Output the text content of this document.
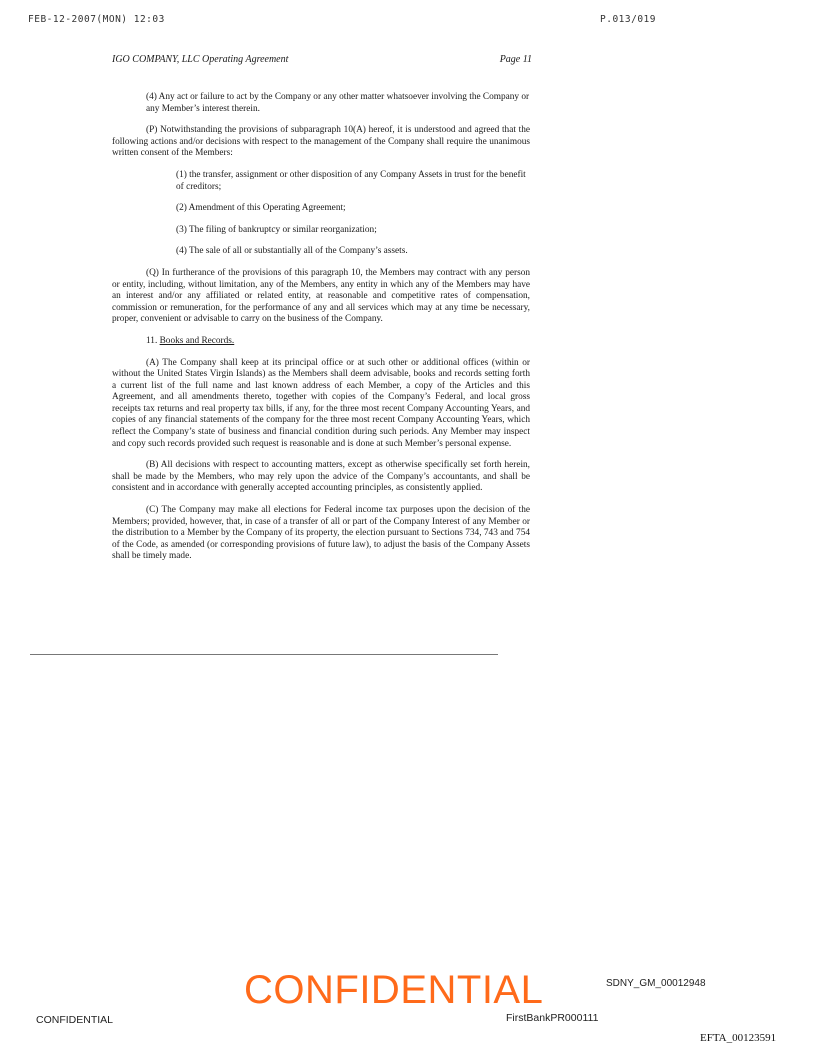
FEB-12-2007(MON) 12:03	P.013/019
IGO COMPANY, LLC Operating Agreement	Page 11

(4) Any act or failure to act by the Company or any other matter whatsoever involving the Company or any Member’s interest therein.

(P) Notwithstanding the provisions of subparagraph 10(A) hereof, it is understood and agreed that the following actions and/or decisions with respect to the management of the Company shall require the unanimous written consent of the Members:

(1) the transfer, assignment or other disposition of any Company Assets in trust for the benefit of creditors;

(2) Amendment of this Operating Agreement;

(3) The filing of bankruptcy or similar reorganization;

(4) The sale of all or substantially all of the Company’s assets.

(Q) In furtherance of the provisions of this paragraph 10, the Members may contract with any person or entity, including, without limitation, any of the Members, any entity in which any of the Members may have an interest and/or any affiliated or related entity, at reasonable and competitive rates of compensation, commission or remuneration, for the performance of any and all services which may at any time be necessary, proper, convenient or advisable to carry on the business of the Company.

11. Books and Records.

(A) The Company shall keep at its principal office or at such other or additional offices (within or without the United States Virgin Islands) as the Members shall deem advisable, books and records setting forth a current list of the full name and last known address of each Member, a copy of the Articles and this Agreement, and all amendments thereto, together with copies of the Company’s Federal, and local gross receipts tax returns and real property tax bills, if any, for the three most recent Company Accounting Years, and copies of any financial statements of the company for the three most recent Company Accounting Years, which reflect the Company’s state of business and financial condition during such periods. Any Member may inspect and copy such records provided such request is reasonable and is done at such Member’s personal expense.

(B) All decisions with respect to accounting matters, except as otherwise specifically set forth herein, shall be made by the Members, who may rely upon the advice of the Company’s accountants, and shall be consistent and in accordance with generally accepted accounting principles, as consistently applied.

(C) The Company may make all elections for Federal income tax purposes upon the decision of the Members; provided, however, that, in case of a transfer of all or part of the Company Interest of any Member or the distribution to a Member by the Company of its property, the election pursuant to Sections 734, 743 and 754 of the Code, as amended (or corresponding provisions of future law), to adjust the basis of the Company Assets shall be timely made.

SDNY_GM_00012948
CONFIDENTIAL
CONFIDENTIAL	FirstBankPR000111
EFTA_00123591
